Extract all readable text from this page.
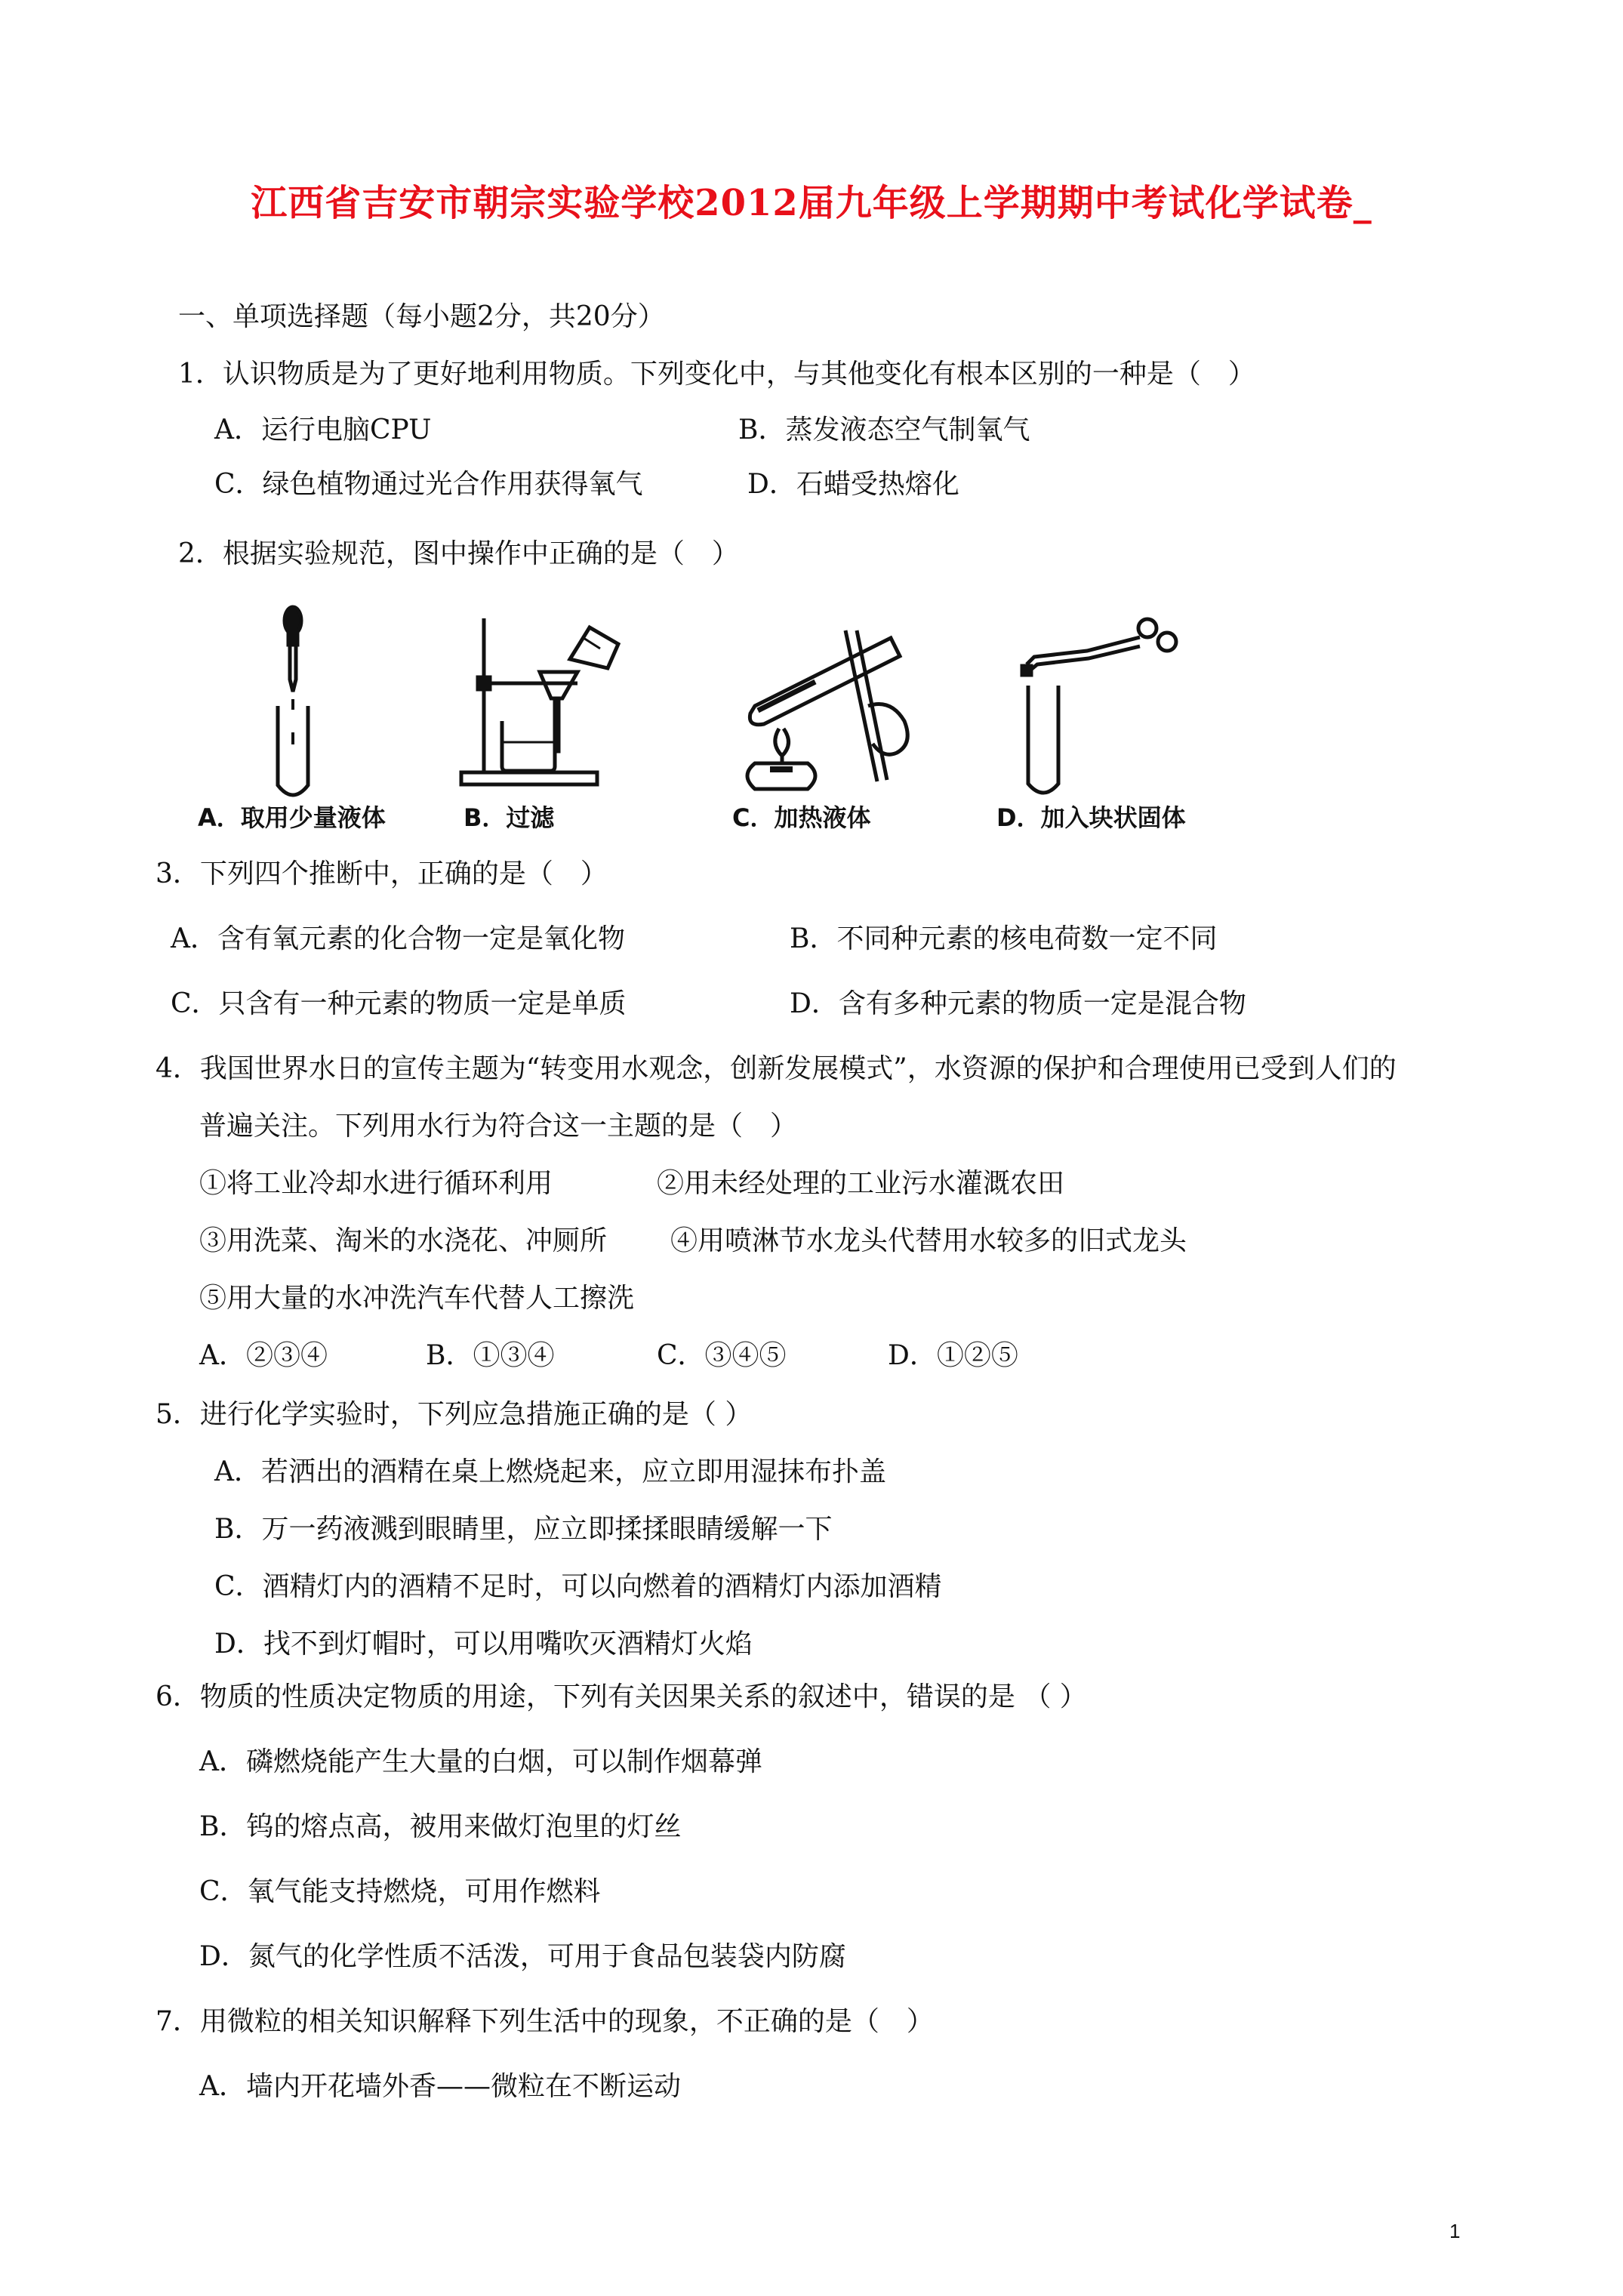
江西省吉安市朝宗实验学校2012届九年级上学期期中考试化学试卷_
一、单项选择题（每小题2分，共20分）
1．认识物质是为了更好地利用物质。下列变化中，与其他变化有根本区别的一种是（　）
A．运行电脑CPU	B．蒸发液态空气制氧气
C．绿色植物通过光合作用获得氧气	D．石蜡受热熔化
2．根据实验规范，图中操作中正确的是（　）
A．取用少量液体	B．过滤	C．加热液体	D．加入块状固体
3．下列四个推断中，正确的是（　）
A．含有氧元素的化合物一定是氧化物	B．不同种元素的核电荷数一定不同
C．只含有一种元素的物质一定是单质	D．含有多种元素的物质一定是混合物
4．我国世界水日的宣传主题为“转变用水观念，创新发展模式”，水资源的保护和合理使用已受到人们的
普遍关注。下列用水行为符合这一主题的是（　）
①将工业冷却水进行循环利用	②用未经处理的工业污水灌溉农田
③用洗菜、淘米的水浇花、冲厕所 ④用喷淋节水龙头代替用水较多的旧式龙头
⑤用大量的水冲洗汽车代替人工擦洗
A．②③④	B．①③④	C．③④⑤	D．①②⑤
5．进行化学实验时，下列应急措施正确的是（ ）
A．若洒出的酒精在桌上燃烧起来，应立即用湿抹布扑盖
B．万一药液溅到眼睛里，应立即揉揉眼睛缓解一下
C．酒精灯内的酒精不足时，可以向燃着的酒精灯内添加酒精
D．找不到灯帽时，可以用嘴吹灭酒精灯火焰
6．物质的性质决定物质的用途，下列有关因果关系的叙述中，错误的是 （ ）
A．磷燃烧能产生大量的白烟，可以制作烟幕弹
B．钨的熔点高，被用来做灯泡里的灯丝
C．氧气能支持燃烧，可用作燃料
D．氮气的化学性质不活泼，可用于食品包装袋内防腐
7．用微粒的相关知识解释下列生活中的现象，不正确的是（　）
A．墙内开花墙外香——微粒在不断运动
1
